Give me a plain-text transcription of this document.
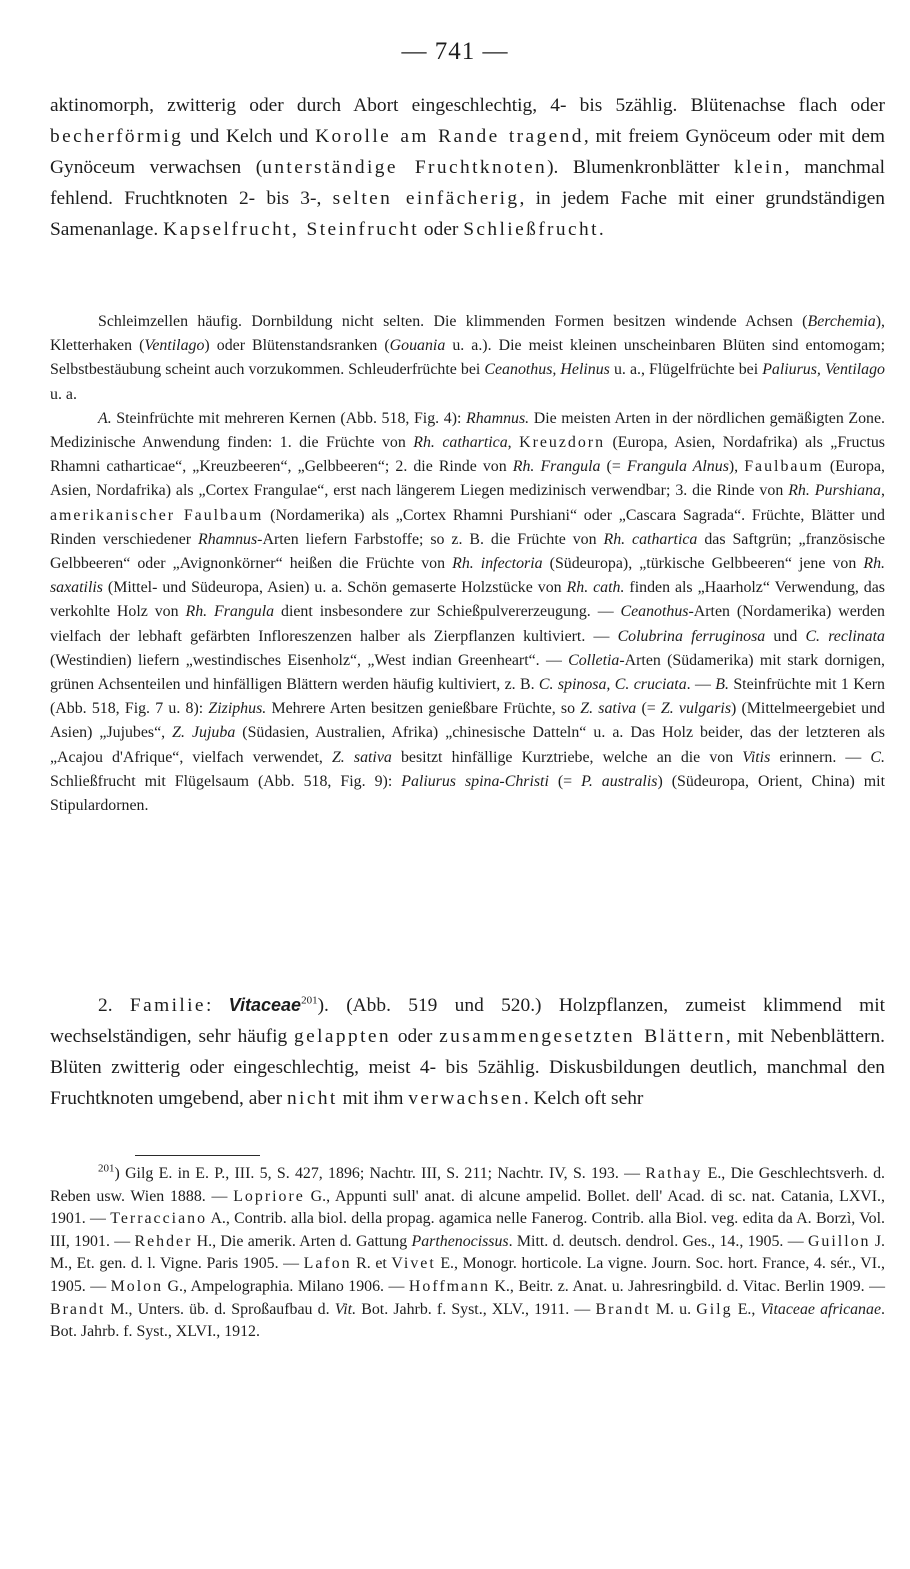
— 741 —
aktinomorph, zwitterig oder durch Abort eingeschlechtig, 4- bis 5zählig. Blütenachse flach oder becherförmig und Kelch und Korolle am Rande tragend, mit freiem Gynöceum oder mit dem Gynöceum verwachsen (unterständige Fruchtknoten). Blumenkronblätter klein, manchmal fehlend. Fruchtknoten 2- bis 3-, selten einfächerig, in jedem Fache mit einer grundständigen Samenanlage. Kapselfrucht, Steinfrucht oder Schließfrucht.

Schleimzellen häufig. Dornbildung nicht selten. Die klimmenden Formen besitzen windende Achsen (Berchemia), Kletterhaken (Ventilago) oder Blütenstandsranken (Gouania u. a.). Die meist kleinen unscheinbaren Blüten sind entomogam; Selbstbestäubung scheint auch vorzukommen. Schleuderfrüchte bei Ceanothus, Helinus u. a., Flügelfrüchte bei Paliurus, Ventilago u. a.

A. Steinfrüchte mit mehreren Kernen (Abb. 518, Fig. 4): Rhamnus. Die meisten Arten in der nördlichen gemäßigten Zone. Medizinische Anwendung finden: 1. die Früchte von Rh. cathartica, Kreuzdorn (Europa, Asien, Nordafrika) als „Fructus Rhamni catharticae“, „Kreuzbeeren“, „Gelbbeeren“; 2. die Rinde von Rh. Frangula (= Frangula Alnus), Faulbaum (Europa, Asien, Nordafrika) als „Cortex Frangulae“, erst nach längerem Liegen medizinisch verwendbar; 3. die Rinde von Rh. Purshiana, amerikanischer Faulbaum (Nordamerika) als „Cortex Rhamni Purshiani“ oder „Cascara Sagrada“. Früchte, Blätter und Rinden verschiedener Rhamnus-Arten liefern Farbstoffe; so z. B. die Früchte von Rh. cathartica das Saftgrün; „französische Gelbbeeren“ oder „Avignonkörner“ heißen die Früchte von Rh. infectoria (Südeuropa), „türkische Gelbbeeren“ jene von Rh. saxatilis (Mittel- und Südeuropa, Asien) u. a. Schön gemaserte Holzstücke von Rh. cath. finden als „Haarholz“ Verwendung, das verkohlte Holz von Rh. Frangula dient insbesondere zur Schießpulvererzeugung. — Ceanothus-Arten (Nordamerika) werden vielfach der lebhaft gefärbten Infloreszenzen halber als Zierpflanzen kultiviert. — Colubrina ferruginosa und C. reclinata (Westindien) liefern „westindisches Eisenholz“, „West indian Greenheart“. — Colletia-Arten (Südamerika) mit stark dornigen, grünen Achsenteilen und hinfälligen Blättern werden häufig kultiviert, z. B. C. spinosa, C. cruciata. — B. Steinfrüchte mit 1 Kern (Abb. 518, Fig. 7 u. 8): Ziziphus. Mehrere Arten besitzen genießbare Früchte, so Z. sativa (= Z. vulgaris) (Mittelmeergebiet und Asien) „Jujubes“, Z. Jujuba (Südasien, Australien, Afrika) „chinesische Datteln“ u. a. Das Holz beider, das der letzteren als „Acajou d'Afrique“, vielfach verwendet, Z. sativa besitzt hinfällige Kurztriebe, welche an die von Vitis erinnern. — C. Schließfrucht mit Flügelsaum (Abb. 518, Fig. 9): Paliurus spina-Christi (= P. australis) (Südeuropa, Orient, China) mit Stipulardornen.

2. Familie: Vitaceae$^{201}$). (Abb. 519 und 520.) Holzpflanzen, zumeist klimmend mit wechselständigen, sehr häufig gelappten oder zusammengesetzten Blättern, mit Nebenblättern. Blüten zwitterig oder eingeschlechtig, meist 4- bis 5zählig. Diskusbildungen deutlich, manchmal den Fruchtknoten umgebend, aber nicht mit ihm verwachsen. Kelch oft sehr

$^{201}$) Gilg E. in E. P., III. 5, S. 427, 1896; Nachtr. III, S. 211; Nachtr. IV, S. 193. — Rathay E., Die Geschlechtsverh. d. Reben usw. Wien 1888. — Lopriore G., Appunti sull' anat. di alcune ampelid. Bollet. dell' Acad. di sc. nat. Catania, LXVI., 1901. — Terracciano A., Contrib. alla biol. della propag. agamica nelle Fanerog. Contrib. alla Biol. veg. edita da A. Borzì, Vol. III, 1901. — Rehder H., Die amerik. Arten d. Gattung Parthenocissus. Mitt. d. deutsch. dendrol. Ges., 14., 1905. — Guillon J. M., Et. gen. d. l. Vigne. Paris 1905. — Lafon R. et Vivet E., Monogr. horticole. La vigne. Journ. Soc. hort. France, 4. sér., VI., 1905. — Molon G., Ampelographia. Milano 1906. — Hoffmann K., Beitr. z. Anat. u. Jahresringbild. d. Vitac. Berlin 1909. — Brandt M., Unters. üb. d. Sproßaufbau d. Vit. Bot. Jahrb. f. Syst., XLV., 1911. — Brandt M. u. Gilg E., Vitaceae africanae. Bot. Jahrb. f. Syst., XLVI., 1912.
